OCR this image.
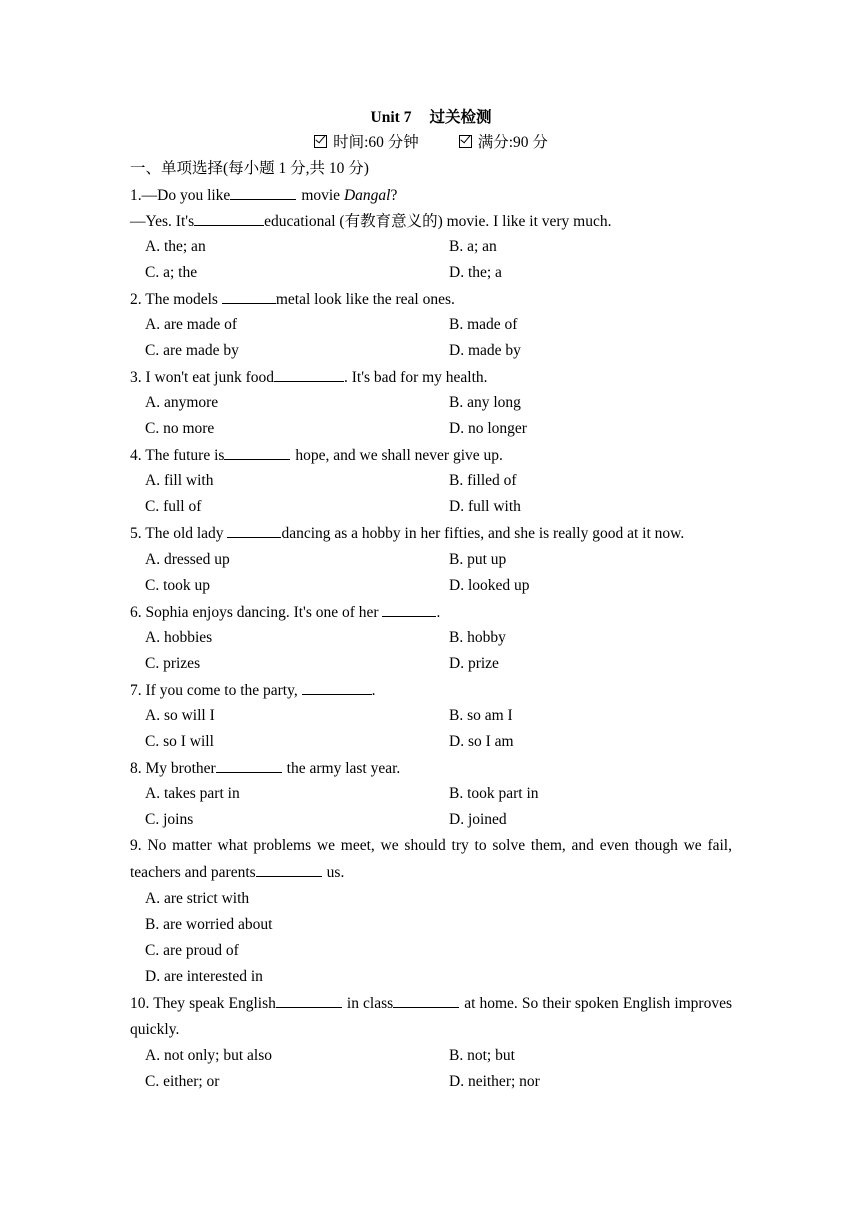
Unit 7 过关检测
时间:60 分钟	满分:90 分
一、单项选择(每小题 1 分,共 10 分)
1.—Do you like	movie Dangal?
—Yes. It's	educational (有教育意义的) movie. I like it very much.
A. the; an	B. a; an
C. a; the	D. the; a
2. The models	metal look like the real ones.
A. are made of	B. made of
C. are made by	D. made by
3. I won't eat junk food	. It's bad for my health.
A. anymore	B. any long
C. no more	D. no longer
4. The future is	hope, and we shall never give up.
A. fill with	B. filled of
C. full of	D. full with
5. The old lady	dancing as a hobby in her fifties, and she is really good at it now.
A. dressed up	B. put up
C. took up	D. looked up
6. Sophia enjoys dancing. It's one of her	.
A. hobbies	B. hobby
C. prizes	D. prize
7. If you come to the party,	.
A. so will I	B. so am I
C. so I will	D. so I am
8. My brother	the army last year.
A. takes part in	B. took part in
C. joins	D. joined
9. No matter what problems we meet, we should try to solve them, and even though we fail, teachers and parents	us.
A. are strict with
B. are worried about
C. are proud of
D. are interested in
10. They speak English	in class	at home. So their spoken English improves quickly.
A. not only; but also	B. not; but
C. either; or	D. neither; nor
